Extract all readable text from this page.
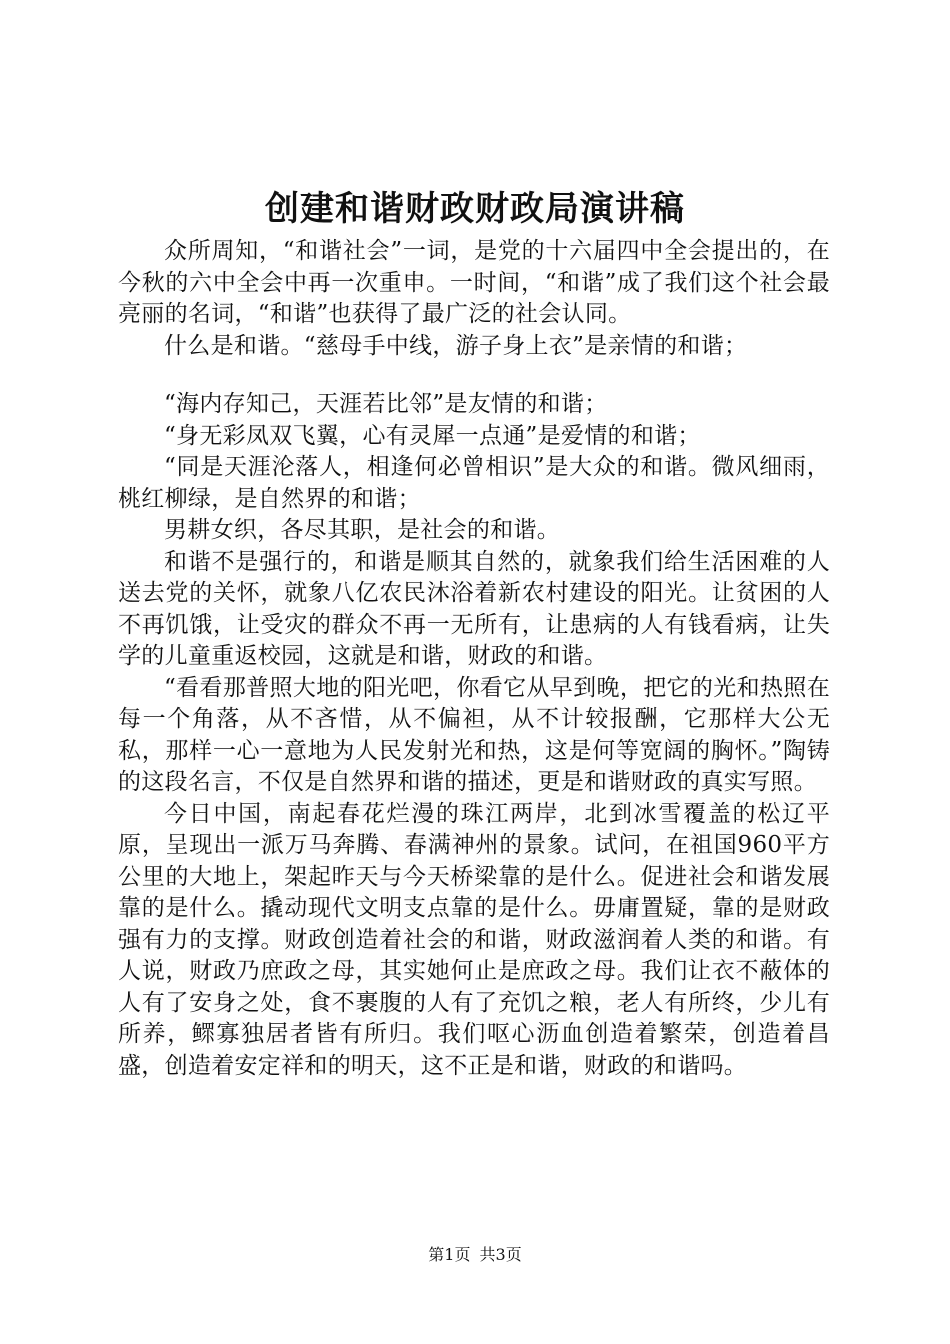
创建和谐财政财政局演讲稿

众所周知，“和谐社会”一词，是党的十六届四中全会提出的，在今秋的六中全会中再一次重申。一时间，“和谐”成了我们这个社会最亮丽的名词，“和谐”也获得了最广泛的社会认同。

什么是和谐。“慈母手中线，游子身上衣”是亲情的和谐；

“海内存知己，天涯若比邻”是友情的和谐；

“身无彩凤双飞翼，心有灵犀一点通”是爱情的和谐；

“同是天涯沦落人，相逢何必曾相识”是大众的和谐。微风细雨，桃红柳绿，是自然界的和谐；

男耕女织，各尽其职，是社会的和谐。

和谐不是强行的，和谐是顺其自然的，就象我们给生活困难的人送去党的关怀，就象八亿农民沐浴着新农村建设的阳光。让贫困的人不再饥饿，让受灾的群众不再一无所有，让患病的人有钱看病，让失学的儿童重返校园，这就是和谐，财政的和谐。

“看看那普照大地的阳光吧，你看它从早到晚，把它的光和热照在每一个角落，从不吝惜，从不偏袒，从不计较报酬，它那样大公无私，那样一心一意地为人民发射光和热，这是何等宽阔的胸怀。”陶铸的这段名言，不仅是自然界和谐的描述，更是和谐财政的真实写照。

今日中国，南起春花烂漫的珠江两岸，北到冰雪覆盖的松辽平原，呈现出一派万马奔腾、春满神州的景象。试问，在祖国960平方公里的大地上，架起昨天与今天桥梁靠的是什么。促进社会和谐发展靠的是什么。撬动现代文明支点靠的是什么。毋庸置疑，靠的是财政强有力的支撑。财政创造着社会的和谐，财政滋润着人类的和谐。有人说，财政乃庶政之母，其实她何止是庶政之母。我们让衣不蔽体的人有了安身之处，食不裹腹的人有了充饥之粮，老人有所终，少儿有所养，鳏寡独居者皆有所归。我们呕心沥血创造着繁荣，创造着昌盛，创造着安定祥和的明天，这不正是和谐，财政的和谐吗。

第1页 共3页
